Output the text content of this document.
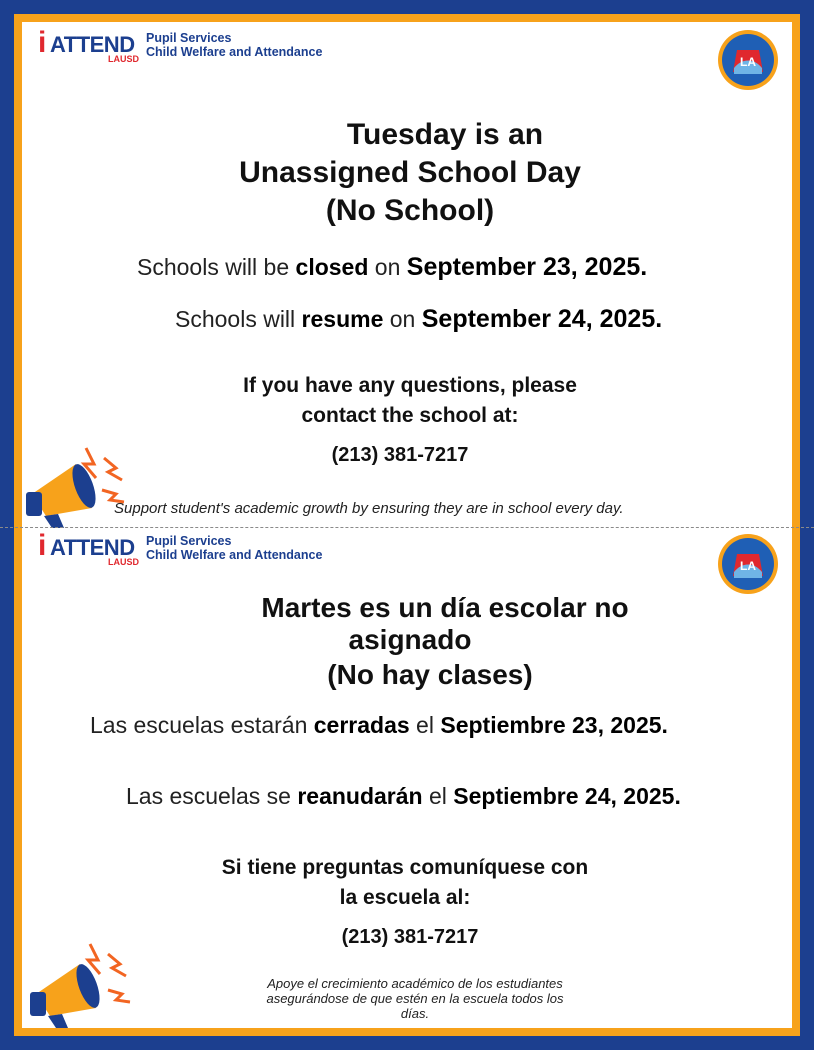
i ATTEND
LAUSD
Pupil Services
Child Welfare and Attendance
LA
Tuesday is an
Unassigned School Day
(No School)
Schools will be closed on September 23, 2025.
Schools will resume on September 24, 2025.
If you have any questions, please
contact the school at:
(213) 381-7217
Support student's academic growth by ensuring they are in school every day.
i ATTEND
LAUSD
Pupil Services
Child Welfare and Attendance
LA
Martes es un día escolar no
asignado
(No hay clases)
Las escuelas estarán cerradas el Septiembre 23, 2025.
Las escuelas se reanudarán el Septiembre 24, 2025.
Si tiene preguntas comuníquese con
la escuela al:
(213) 381-7217
Apoye el crecimiento académico de los estudiantes
asegurándose de que estén en la escuela todos los
días.
